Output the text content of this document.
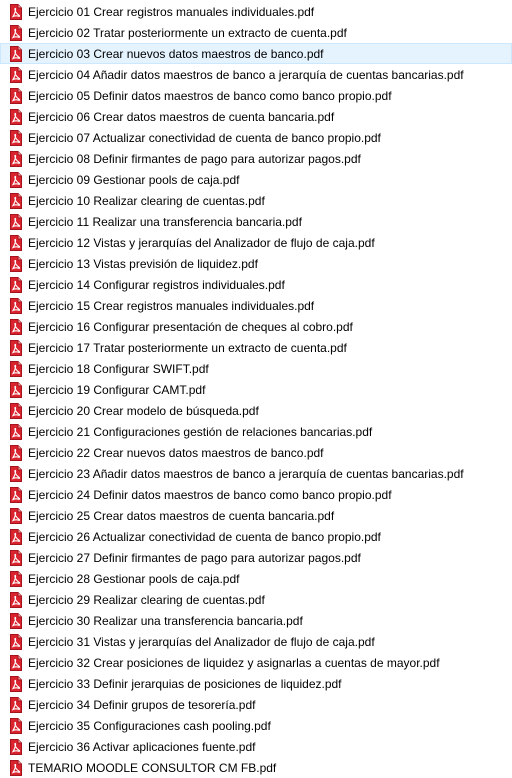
Ejercicio 01 Crear registros manuales individuales.pdf
Ejercicio 02 Tratar posteriormente un extracto de cuenta.pdf
Ejercicio 03 Crear nuevos datos maestros de banco.pdf
Ejercicio 04 Añadir datos maestros de banco a jerarquía de cuentas bancarias.pdf
Ejercicio 05 Definir datos maestros de banco como banco propio.pdf
Ejercicio 06 Crear datos maestros de cuenta bancaria.pdf
Ejercicio 07 Actualizar conectividad de cuenta de banco propio.pdf
Ejercicio 08 Definir firmantes de pago para autorizar pagos.pdf
Ejercicio 09 Gestionar pools de caja.pdf
Ejercicio 10 Realizar clearing de cuentas.pdf
Ejercicio 11 Realizar una transferencia bancaria.pdf
Ejercicio 12 Vistas y jerarquías del Analizador de flujo de caja.pdf
Ejercicio 13 Vistas previsión de liquidez.pdf
Ejercicio 14 Configurar registros individuales.pdf
Ejercicio 15 Crear registros manuales individuales.pdf
Ejercicio 16 Configurar presentación de cheques al cobro.pdf
Ejercicio 17 Tratar posteriormente un extracto de cuenta.pdf
Ejercicio 18 Configurar SWIFT.pdf
Ejercicio 19 Configurar CAMT.pdf
Ejercicio 20 Crear modelo de búsqueda.pdf
Ejercicio 21 Configuraciones gestión de relaciones bancarias.pdf
Ejercicio 22 Crear nuevos datos maestros de banco.pdf
Ejercicio 23 Añadir datos maestros de banco a jerarquía de cuentas bancarias.pdf
Ejercicio 24 Definir datos maestros de banco como banco propio.pdf
Ejercicio 25 Crear datos maestros de cuenta bancaria.pdf
Ejercicio 26 Actualizar conectividad de cuenta de banco propio.pdf
Ejercicio 27 Definir firmantes de pago para autorizar pagos.pdf
Ejercicio 28 Gestionar pools de caja.pdf
Ejercicio 29 Realizar clearing de cuentas.pdf
Ejercicio 30 Realizar una transferencia bancaria.pdf
Ejercicio 31 Vistas y jerarquías del Analizador de flujo de caja.pdf
Ejercicio 32 Crear posiciones de liquidez y asignarlas a cuentas de mayor.pdf
Ejercicio 33 Definir jerarquias de posiciones de liquidez.pdf
Ejercicio 34 Definir grupos de tesorería.pdf
Ejercicio 35 Configuraciones cash pooling.pdf
Ejercicio 36 Activar aplicaciones fuente.pdf
TEMARIO MOODLE CONSULTOR CM FB.pdf
